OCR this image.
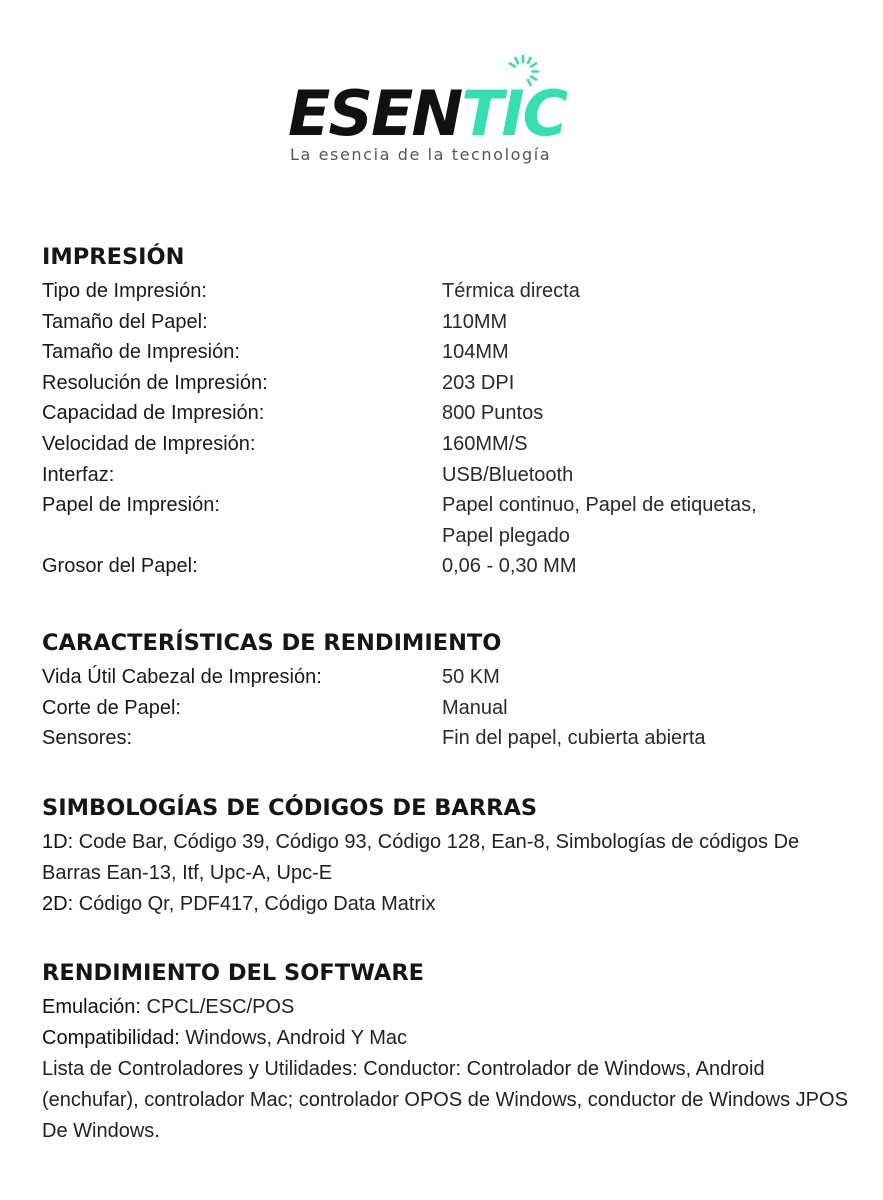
ESENTIC
La esencia de la tecnología
IMPRESIÓN
Tipo de Impresión:	Térmica directa
Tamaño del Papel:	110MM
Tamaño de Impresión:	104MM
Resolución de Impresión:	203 DPI
Capacidad de Impresión:	800 Puntos
Velocidad de Impresión:	160MM/S
Interfaz:	USB/Bluetooth
Papel de Impresión:	Papel continuo, Papel de etiquetas, Papel plegado
Grosor del Papel:	0,06 - 0,30 MM
CARACTERÍSTICAS DE RENDIMIENTO
Vida Útil Cabezal de Impresión:	50 KM
Corte de Papel:	Manual
Sensores:	Fin del papel, cubierta abierta
SIMBOLOGÍAS DE CÓDIGOS DE BARRAS
1D: Code Bar, Código 39, Código 93, Código 128, Ean-8, Simbologías de códigos De Barras Ean-13, Itf, Upc-A, Upc-E
2D: Código Qr, PDF417, Código Data Matrix
RENDIMIENTO DEL SOFTWARE
Emulación: CPCL/ESC/POS
Compatibilidad: Windows, Android Y Mac
Lista de Controladores y Utilidades: Conductor: Controlador de Windows, Android (enchufar), controlador Mac; controlador OPOS de Windows, conductor de Windows JPOS De Windows.
